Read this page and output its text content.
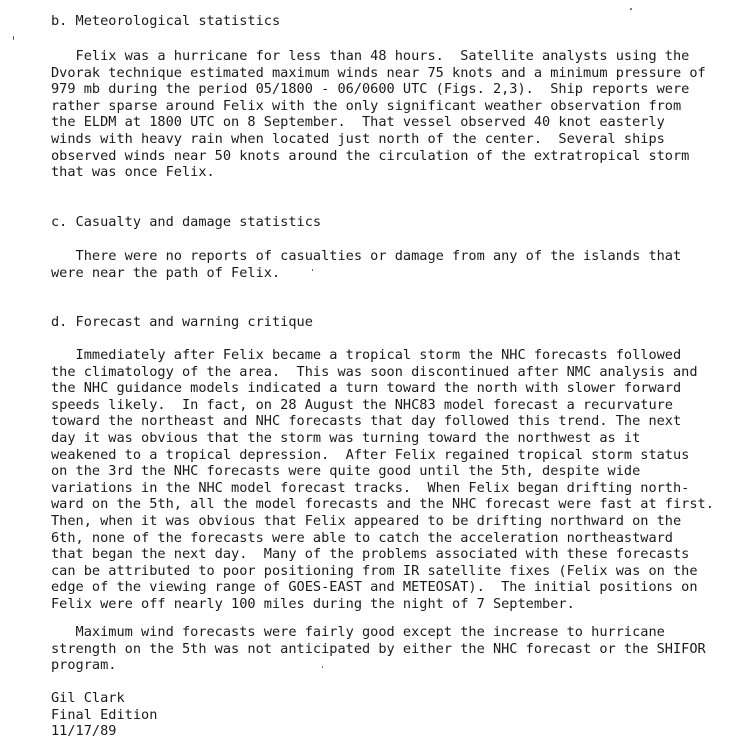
b. Meteorological statistics
Felix was a hurricane for less than 48 hours.  Satellite analysts using the
Dvorak technique estimated maximum winds near 75 knots and a minimum pressure of
979 mb during the period 05/1800 - 06/0600 UTC (Figs. 2,3).  Ship reports were
rather sparse around Felix with the only significant weather observation from
the ELDM at 1800 UTC on 8 September.  That vessel observed 40 knot easterly
winds with heavy rain when located just north of the center.  Several ships
observed winds near 50 knots around the circulation of the extratropical storm
that was once Felix.
c. Casualty and damage statistics
There were no reports of casualties or damage from any of the islands that
were near the path of Felix.
d. Forecast and warning critique
Immediately after Felix became a tropical storm the NHC forecasts followed
the climatology of the area.  This was soon discontinued after NMC analysis and
the NHC guidance models indicated a turn toward the north with slower forward
speeds likely.  In fact, on 28 August the NHC83 model forecast a recurvature
toward the northeast and NHC forecasts that day followed this trend. The next
day it was obvious that the storm was turning toward the northwest as it
weakened to a tropical depression.  After Felix regained tropical storm status
on the 3rd the NHC forecasts were quite good until the 5th, despite wide
variations in the NHC model forecast tracks.  When Felix began drifting north-
ward on the 5th, all the model forecasts and the NHC forecast were fast at first.
Then, when it was obvious that Felix appeared to be drifting northward on the
6th, none of the forecasts were able to catch the acceleration northeastward
that began the next day.  Many of the problems associated with these forecasts
can be attributed to poor positioning from IR satellite fixes (Felix was on the
edge of the viewing range of GOES-EAST and METEOSAT).  The initial positions on
Felix were off nearly 100 miles during the night of 7 September.
Maximum wind forecasts were fairly good except the increase to hurricane
strength on the 5th was not anticipated by either the NHC forecast or the SHIFOR
program.
Gil Clark
Final Edition
11/17/89
